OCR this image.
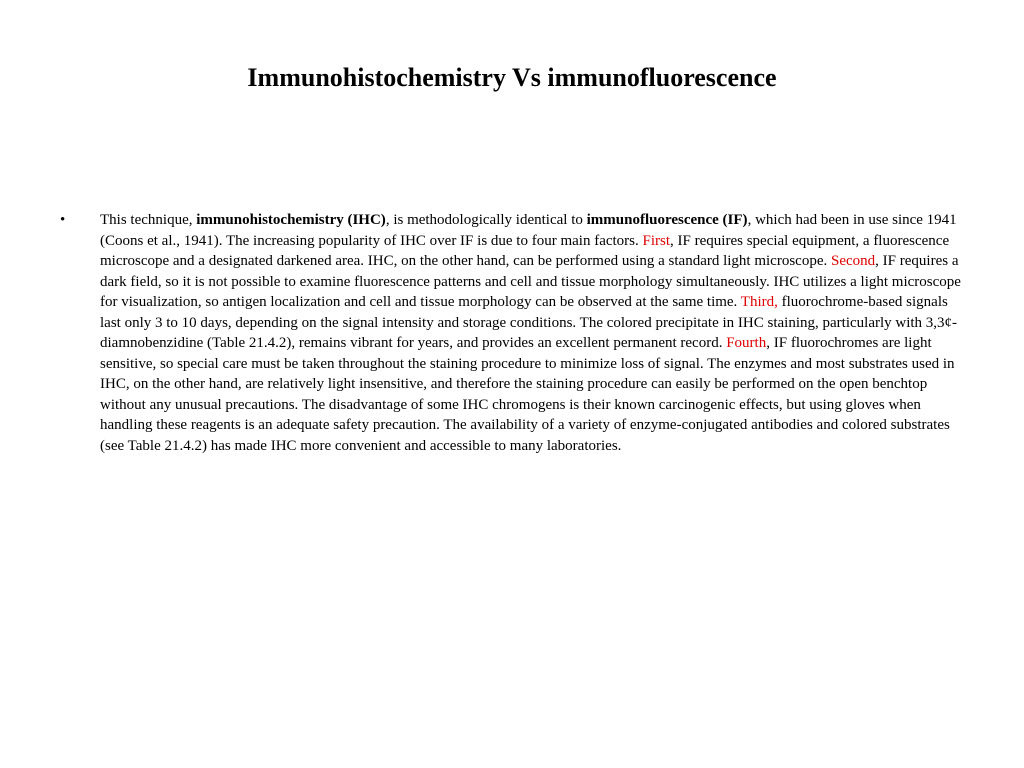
Immunohistochemistry Vs immunofluorescence
• This technique, immunohistochemistry (IHC), is methodologically identical to immunofluorescence (IF), which had been in use since 1941 (Coons et al., 1941). The increasing popularity of IHC over IF is due to four main factors. First, IF requires special equipment, a fluorescence microscope and a designated darkened area. IHC, on the other hand, can be performed using a standard light microscope. Second, IF requires a dark field, so it is not possible to examine fluorescence patterns and cell and tissue morphology simultaneously. IHC utilizes a light microscope for visualization, so antigen localization and cell and tissue morphology can be observed at the same time. Third, fluorochrome-based signals last only 3 to 10 days, depending on the signal intensity and storage conditions. The colored precipitate in IHC staining, particularly with 3,3¢-diamnobenzidine (Table 21.4.2), remains vibrant for years, and provides an excellent permanent record. Fourth, IF fluorochromes are light sensitive, so special care must be taken throughout the staining procedure to minimize loss of signal. The enzymes and most substrates used in IHC, on the other hand, are relatively light insensitive, and therefore the staining procedure can easily be performed on the open benchtop without any unusual precautions. The disadvantage of some IHC chromogens is their known carcinogenic effects, but using gloves when handling these reagents is an adequate safety precaution. The availability of a variety of enzyme-conjugated antibodies and colored substrates (see Table 21.4.2) has made IHC more convenient and accessible to many laboratories.
